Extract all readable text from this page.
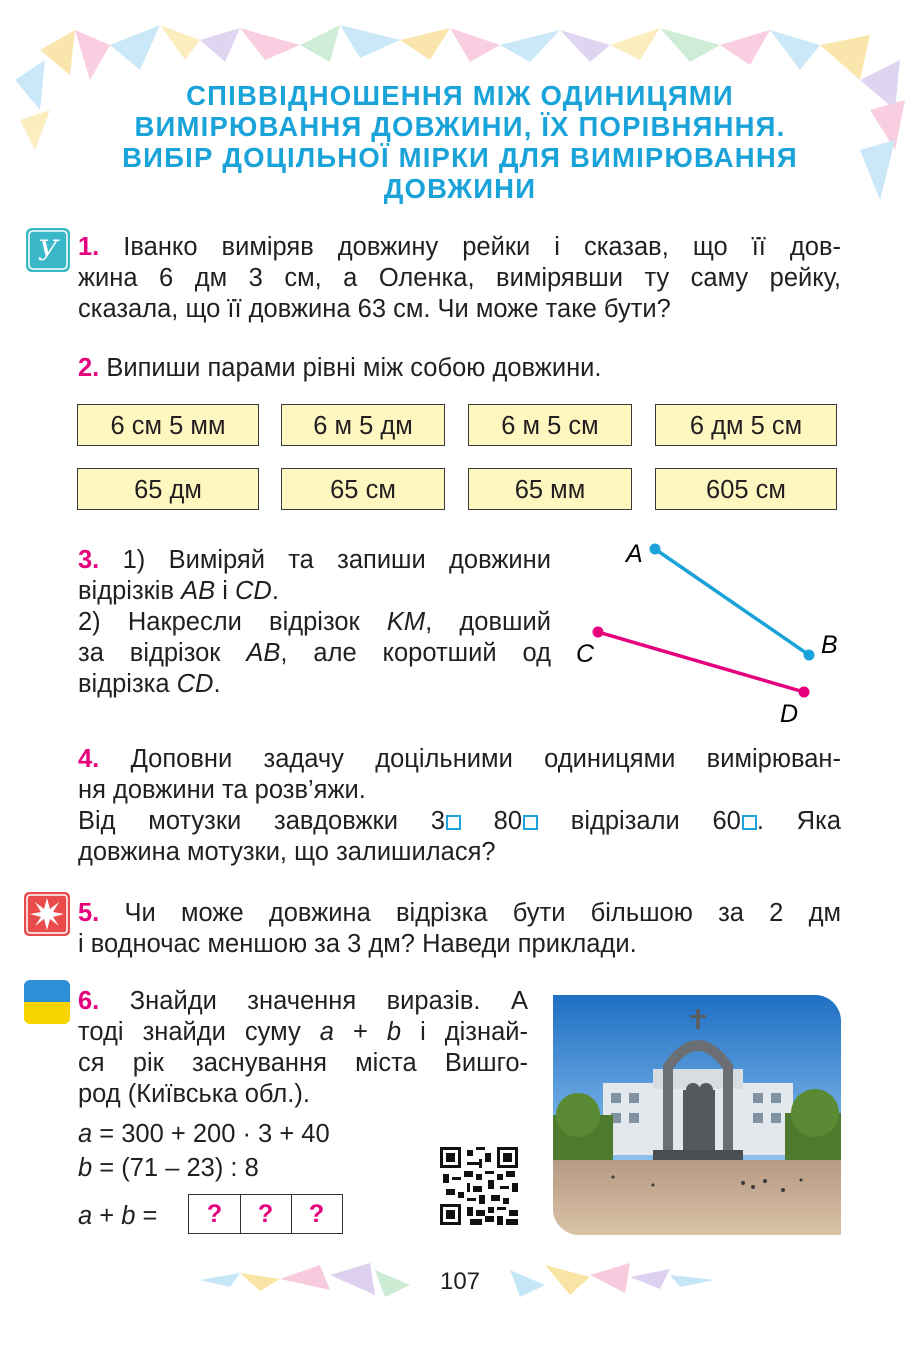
СПІВВІДНОШЕННЯ МІЖ ОДИНИЦЯМИ
ВИМІРЮВАННЯ ДОВЖИНИ, ЇХ ПОРІВНЯННЯ.
ВИБІР ДОЦІЛЬНОЇ МІРКИ ДЛЯ ВИМІРЮВАННЯ
ДОВЖИНИ
У 1. Іванко виміряв довжину рейки і сказав, що її дов-
жина 6 дм 3 см, а Оленка, вимірявши ту саму рейку,
сказала, що її довжина 63 см. Чи може таке бути?
2. Випиши парами рівні між собою довжини.
6 см 5 мм	6 м 5 дм	6 м 5 см	6 дм 5 см
65 дм	65 см	65 мм	605 см
3. 1) Виміряй та запиши довжини
відрізків AB і CD.
2) Накресли відрізок KM, довший
за відрізок AB, але коротший од
відрізка CD.
A
B
C
D
4. Доповни задачу доцільними одиницями вимірюван-
ня довжини та розв’яжи.
Від мотузки завдовжки 3 80 відрізали 60 . Яка
довжина мотузки, що залишилася?
5. Чи може довжина відрізка бути більшою за 2 дм
і водночас меншою за 3 дм? Наведи приклади.
6. Знайди значення виразів. А
тоді знайди суму a + b і дізнай-
ся рік заснування міста Вишго-
род (Київська обл.).
a = 300 + 200 · 3 + 40
b = (71 – 23) : 8
a + b =	?	?	?
107
